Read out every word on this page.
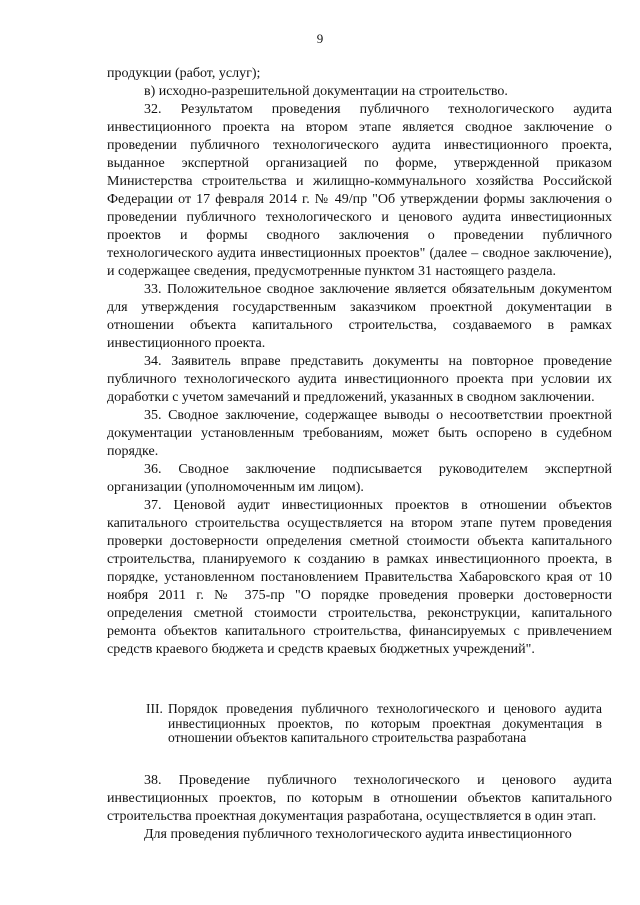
9

продукции (работ, услуг);

в) исходно-разрешительной документации на строительство.

32. Результатом проведения публичного технологического аудита инвестиционного проекта на втором этапе является сводное заключение о проведении публичного технологического аудита инвестиционного проекта, выданное экспертной организацией по форме, утвержденной приказом Министерства строительства и жилищно-коммунального хозяйства Российской Федерации от 17 февраля 2014 г. № 49/пр "Об утверждении формы заключения о проведении публичного технологического и ценового аудита инвестиционных проектов и формы сводного заключения о проведении публичного технологического аудита инвестиционных проектов" (далее – сводное заключение), и содержащее сведения, предусмотренные пунктом 31 настоящего раздела.

33. Положительное сводное заключение является обязательным документом для утверждения государственным заказчиком проектной документации в отношении объекта капитального строительства, создаваемого в рамках инвестиционного проекта.

34. Заявитель вправе представить документы на повторное проведение публичного технологического аудита инвестиционного проекта при условии их доработки с учетом замечаний и предложений, указанных в сводном заключении.

35. Сводное заключение, содержащее выводы о несоответствии проектной документации установленным требованиям, может быть оспорено в судебном порядке.

36. Сводное заключение подписывается руководителем экспертной организации (уполномоченным им лицом).

37. Ценовой аудит инвестиционных проектов в отношении объектов капитального строительства осуществляется на втором этапе путем проведения проверки достоверности определения сметной стоимости объекта капитального строительства, планируемого к созданию в рамках инвестиционного проекта, в порядке, установленном постановлением Правительства Хабаровского края от 10 ноября 2011 г. № 375-пр "О порядке проведения проверки достоверности определения сметной стоимости строительства, реконструкции, капитального ремонта объектов капитального строительства, финансируемых с привлечением средств краевого бюджета и средств краевых бюджетных учреждений".

III. Порядок проведения публичного технологического и ценового аудита инвестиционных проектов, по которым проектная документация в отношении объектов капитального строительства разработана

38. Проведение публичного технологического и ценового аудита инвестиционных проектов, по которым в отношении объектов капитального строительства проектная документация разработана, осуществляется в один этап.

Для проведения публичного технологического аудита инвестиционного
